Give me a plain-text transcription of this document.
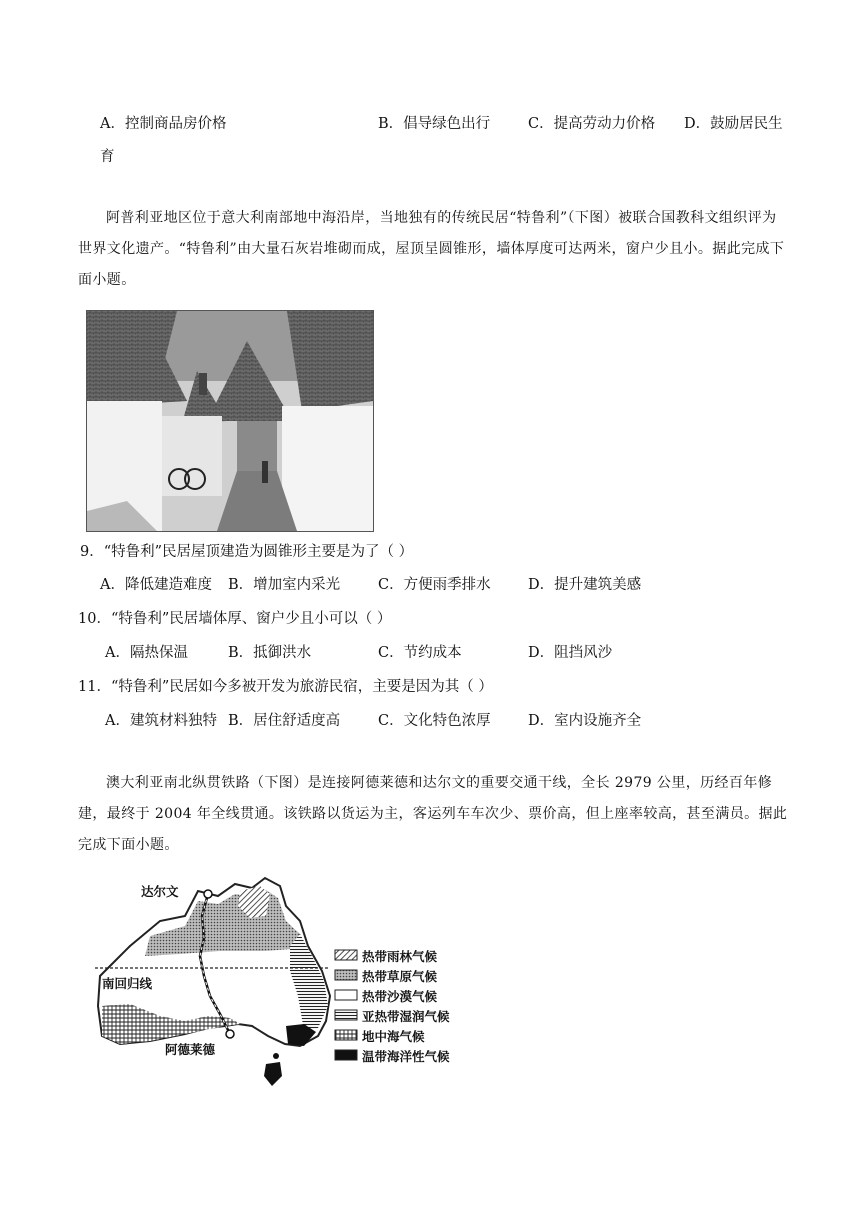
A．控制商品房价格	B．倡导绿色出行	C．提高劳动力价格 D．鼓励居民生
育
阿普利亚地区位于意大利南部地中海沿岸，当地独有的传统民居“特鲁利”（下图）被联合国教科文组织评为世界文化遗产。“特鲁利”由大量石灰岩堆砌而成，屋顶呈圆锥形，墙体厚度可达两米，窗户少且小。据此完成下面小题。
9．“特鲁利”民居屋顶建造为圆锥形主要是为了（ ）
A．降低建造难度 B．增加室内采光	C．方便雨季排水	D．提升建筑美感
10．“特鲁利”民居墙体厚、窗户少且小可以（ ）
A．隔热保温	B．抵御洪水	C．节约成本	D．阻挡风沙
11．“特鲁利”民居如今多被开发为旅游民宿，主要是因为其（ ）
A．建筑材料独特 B．居住舒适度高	C．文化特色浓厚	D．室内设施齐全
澳大利亚南北纵贯铁路（下图）是连接阿德莱德和达尔文的重要交通干线，全长 2979 公里，历经百年修建，最终于 2004 年全线贯通。该铁路以货运为主，客运列车车次少、票价高，但上座率较高，甚至满员。据此完成下面小题。
达尔文
阿德莱德
南回归线
热带雨林气候
热带草原气候
热带沙漠气候
亚热带湿润气候
地中海气候
温带海洋性气候
